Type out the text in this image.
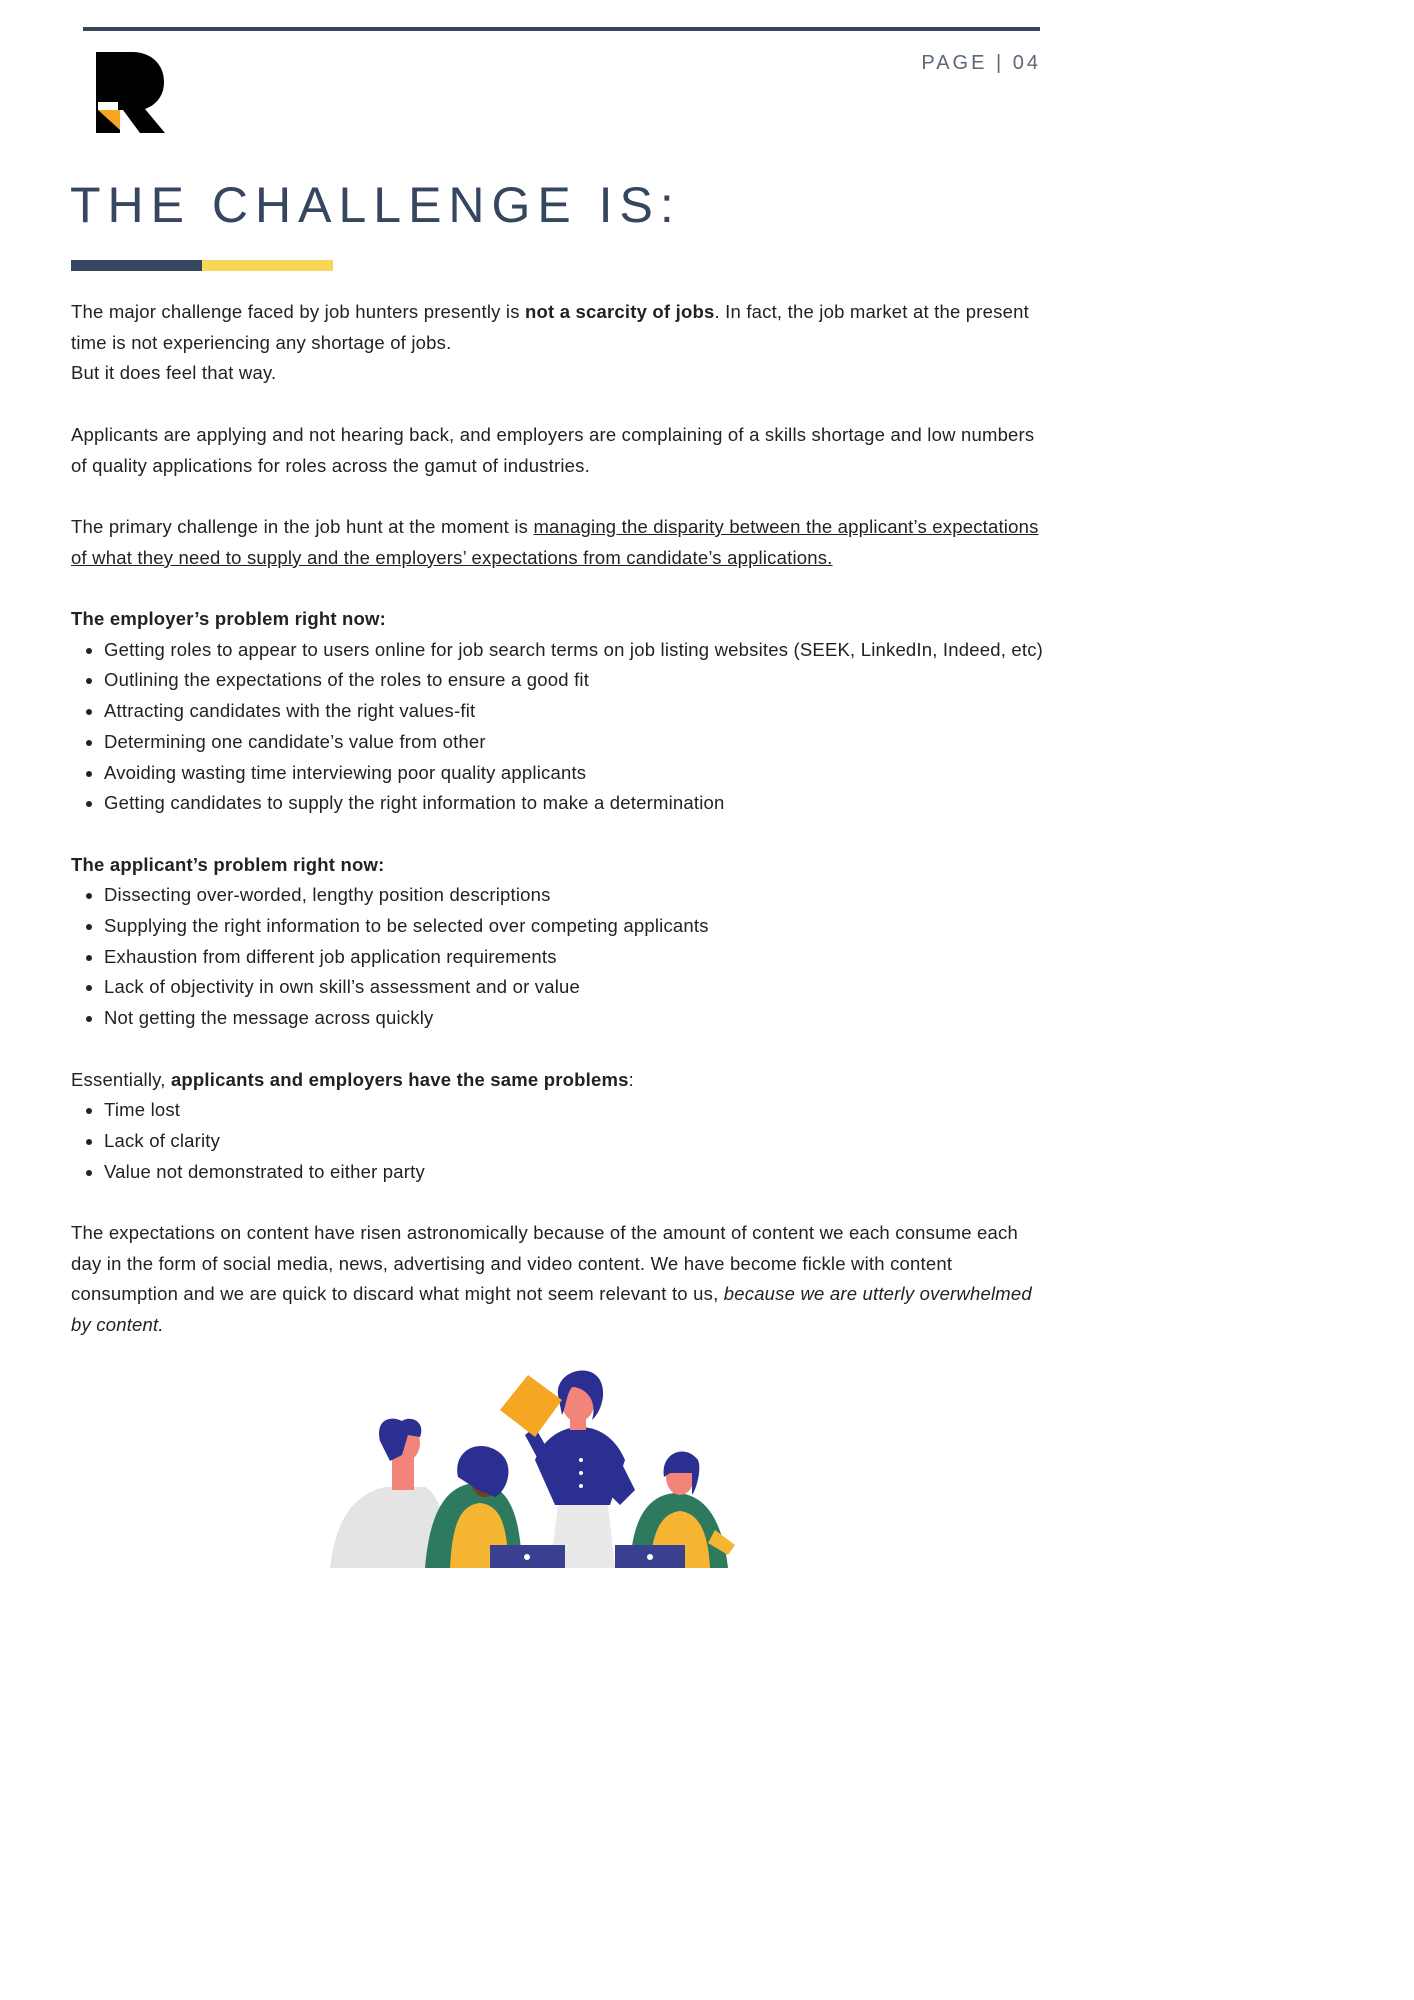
PAGE | 04
THE CHALLENGE IS:

The major challenge faced by job hunters presently is not a scarcity of jobs. In fact, the job market at the present time is not experiencing any shortage of jobs.

But it does feel that way.

Applicants are applying and not hearing back, and employers are complaining of a skills shortage and low numbers of quality applications for roles across the gamut of industries.

The primary challenge in the job hunt at the moment is managing the disparity between the applicant’s expectations of what they need to supply and the employers’ expectations from candidate’s applications.

The employer’s problem right now:

• Getting roles to appear to users online for job search terms on job listing websites (SEEK, LinkedIn, Indeed, etc)
• Outlining the expectations of the roles to ensure a good fit
• Attracting candidates with the right values-fit
• Determining one candidate’s value from other
• Avoiding wasting time interviewing poor quality applicants
• Getting candidates to supply the right information to make a determination

The applicant’s problem right now:

• Dissecting over-worded, lengthy position descriptions
• Supplying the right information to be selected over competing applicants
• Exhaustion from different job application requirements
• Lack of objectivity in own skill’s assessment and or value
• Not getting the message across quickly

Essentially, applicants and employers have the same problems:

• Time lost
• Lack of clarity
• Value not demonstrated to either party

The expectations on content have risen astronomically because of the amount of content we each consume each day in the form of social media, news, advertising and video content. We have become fickle with content consumption and we are quick to discard what might not seem relevant to us, because we are utterly overwhelmed by content.
